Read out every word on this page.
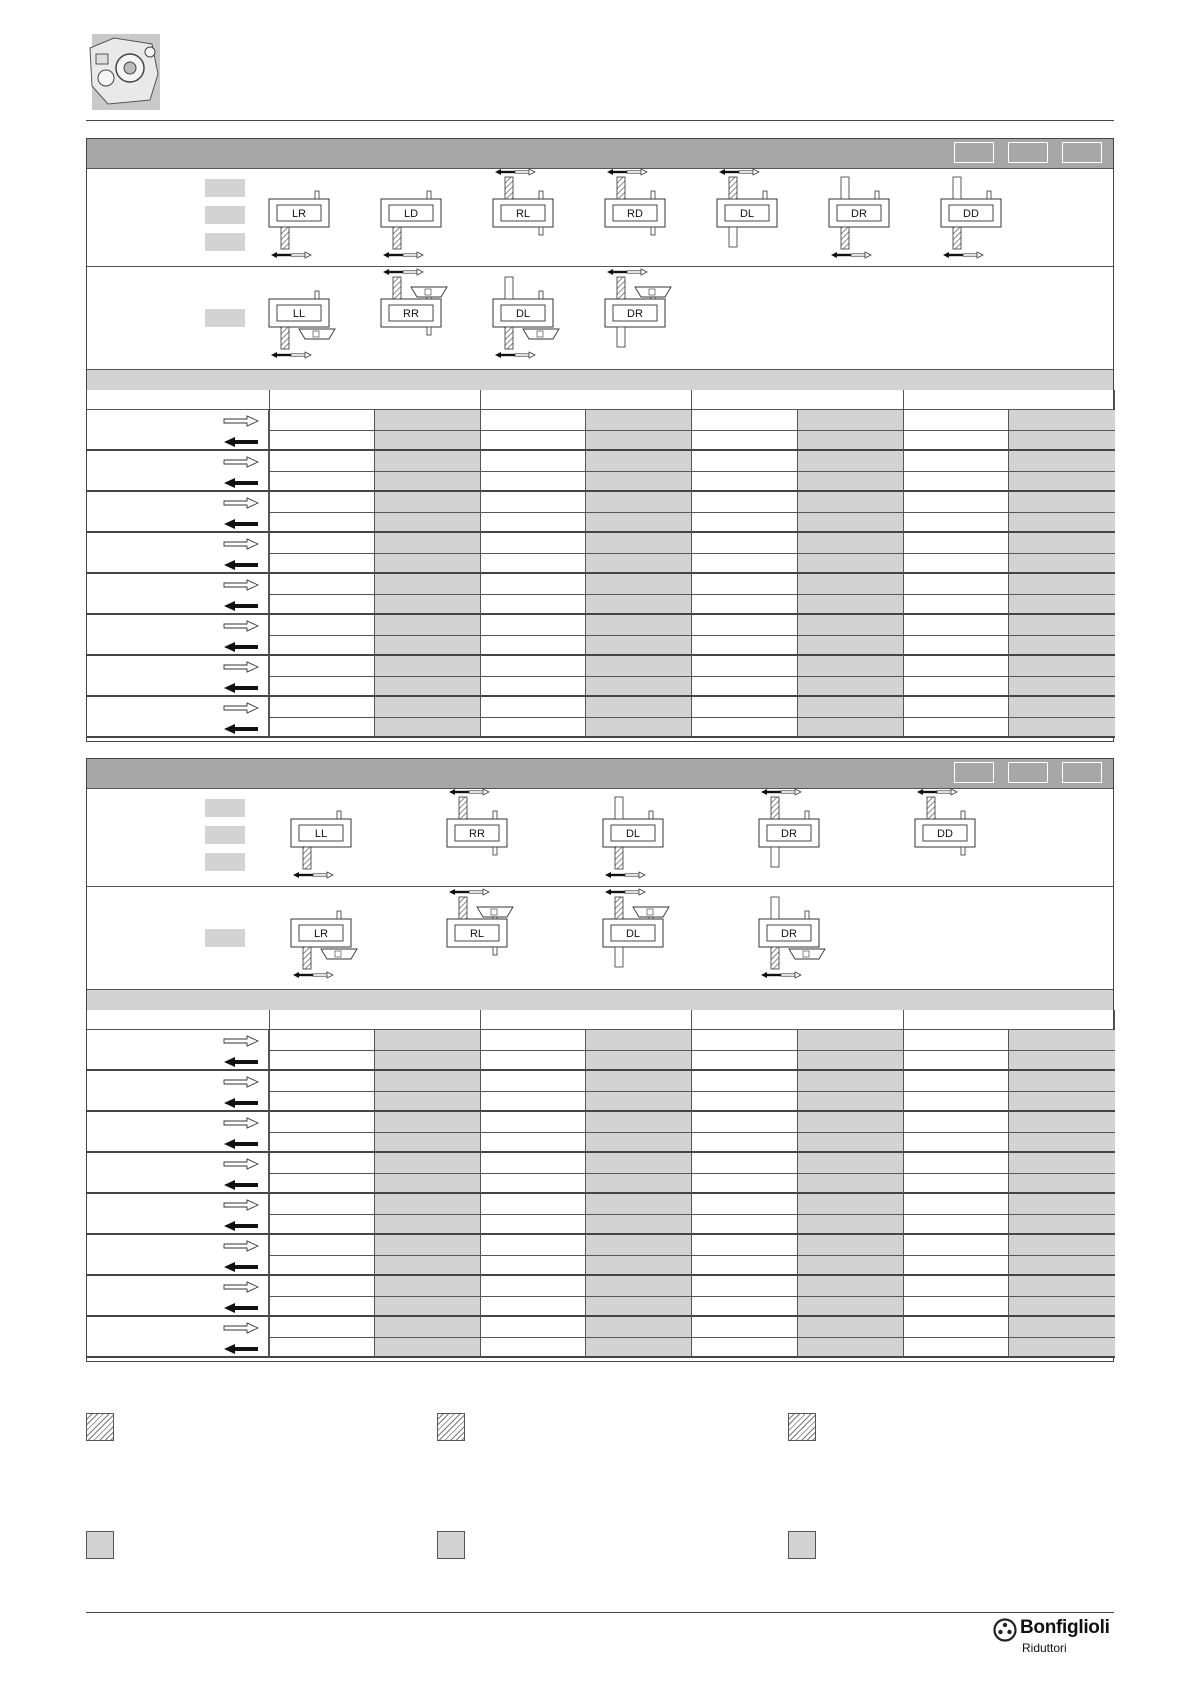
LR	LD	RL	RD	DL	DR	DD
LL	RR	DL	DR
LL	RR	DL	DR	DD
LR	RL	DL	DR
Bonfiglioli
Riduttori
